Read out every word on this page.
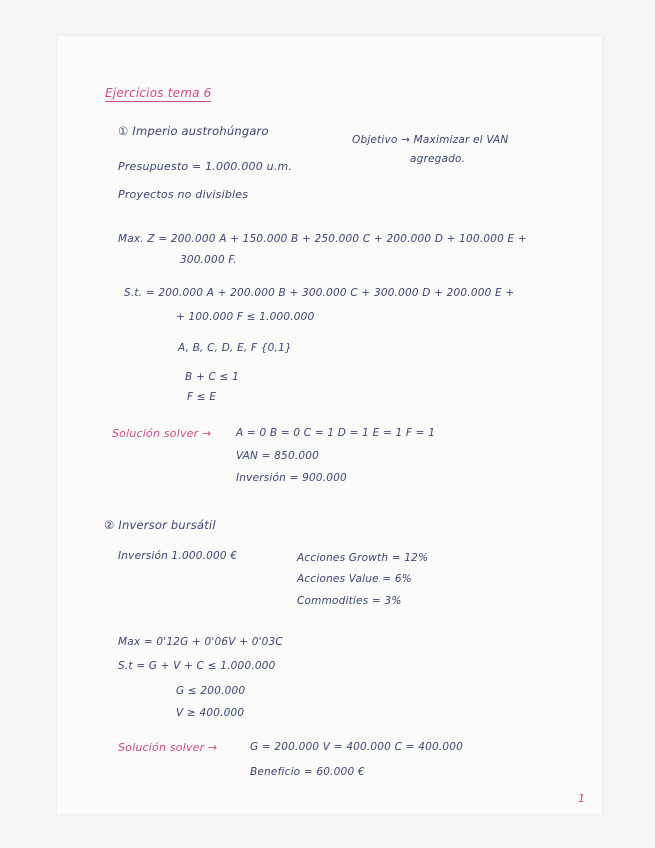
Ejercicios tema 6
① Imperio austrohúngaro
Objetivo → Maximizar el VAN
agregado.
Presupuesto = 1.000.000 u.m.
Proyectos no divisibles
Max. Z = 200.000 A + 150.000 B + 250.000 C + 200.000 D + 100.000 E +
300.000 F.
S.t. = 200.000 A + 200.000 B + 300.000 C + 300.000 D + 200.000 E +
+ 100.000 F ≤ 1.000.000
A, B, C, D, E, F {0,1}
B + C ≤ 1
F ≤ E
Solución solver → A = 0 B = 0 C = 1 D = 1 E = 1 F = 1
VAN = 850.000
Inversión = 900.000
② Inversor bursátil
Inversión 1.000.000 €	Acciones Growth = 12%
Acciones Value = 6%
Commodities = 3%
Max = 0'12G + 0'06V + 0'03C
S.t = G + V + C ≤ 1.000.000
G ≤ 200.000
V ≥ 400.000
Solución solver →	G = 200.000 V = 400.000 C = 400.000
Beneficio = 60.000 €
1
